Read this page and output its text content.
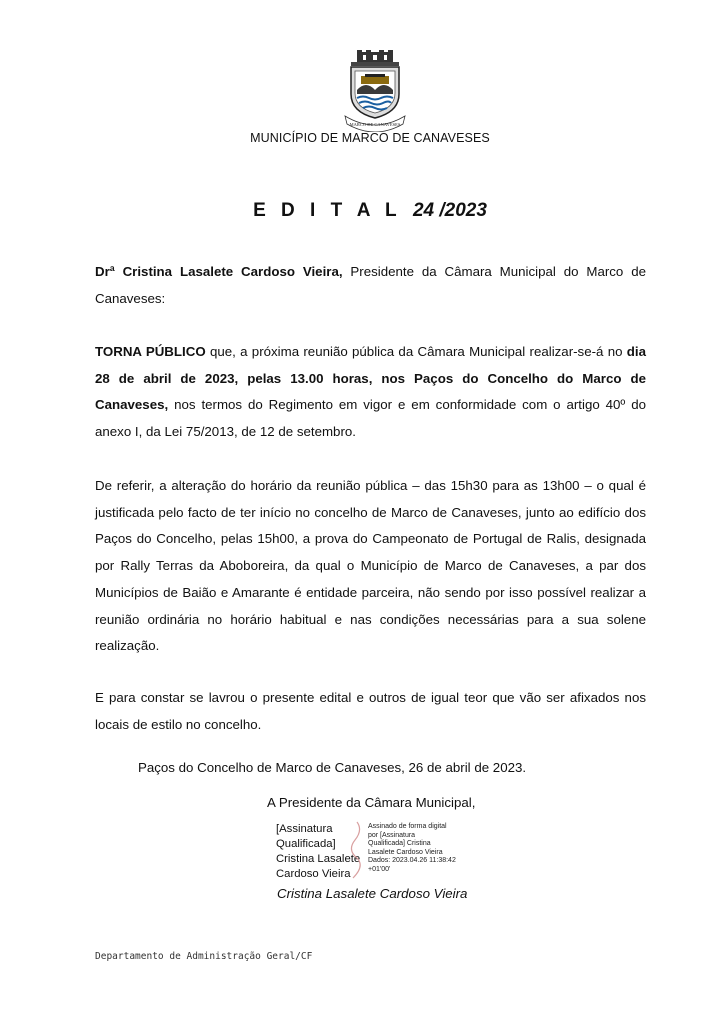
MARCO DE CANAVESES
MUNICÍPIO DE MARCO DE CANAVESES
E D I T A L 24 /2023
Drª Cristina Lasalete Cardoso Vieira, Presidente da Câmara Municipal do Marco de Canaveses:
TORNA PÚBLICO que, a próxima reunião pública da Câmara Municipal realizar-se-á no dia 28 de abril de 2023, pelas 13.00 horas, nos Paços do Concelho do Marco de Canaveses, nos termos do Regimento em vigor e em conformidade com o artigo 40º do anexo I, da Lei 75/2013, de 12 de setembro.
De referir, a alteração do horário da reunião pública – das 15h30 para as 13h00 – o qual é justificada pelo facto de ter início no concelho de Marco de Canaveses, junto ao edifício dos Paços do Concelho, pelas 15h00, a prova do Campeonato de Portugal de Ralis, designada por Rally Terras da Aboboreira, da qual o Município de Marco de Canaveses, a par dos Municípios de Baião e Amarante é entidade parceira, não sendo por isso possível realizar a reunião ordinária no horário habitual e nas condições necessárias para a sua solene realização.
E para constar se lavrou o presente edital e outros de igual teor que vão ser afixados nos locais de estilo no concelho.
Paços do Concelho de Marco de Canaveses, 26 de abril de 2023.
A Presidente da Câmara Municipal,
[Assinatura
Qualificada]
Cristina Lasalete
Cardoso Vieira
Assinado de forma digital
por [Assinatura
Qualificada] Cristina
Lasalete Cardoso Vieira
Dados: 2023.04.26 11:38:42
+01'00'
Cristina Lasalete Cardoso Vieira
Departamento de Administração Geral/CF
